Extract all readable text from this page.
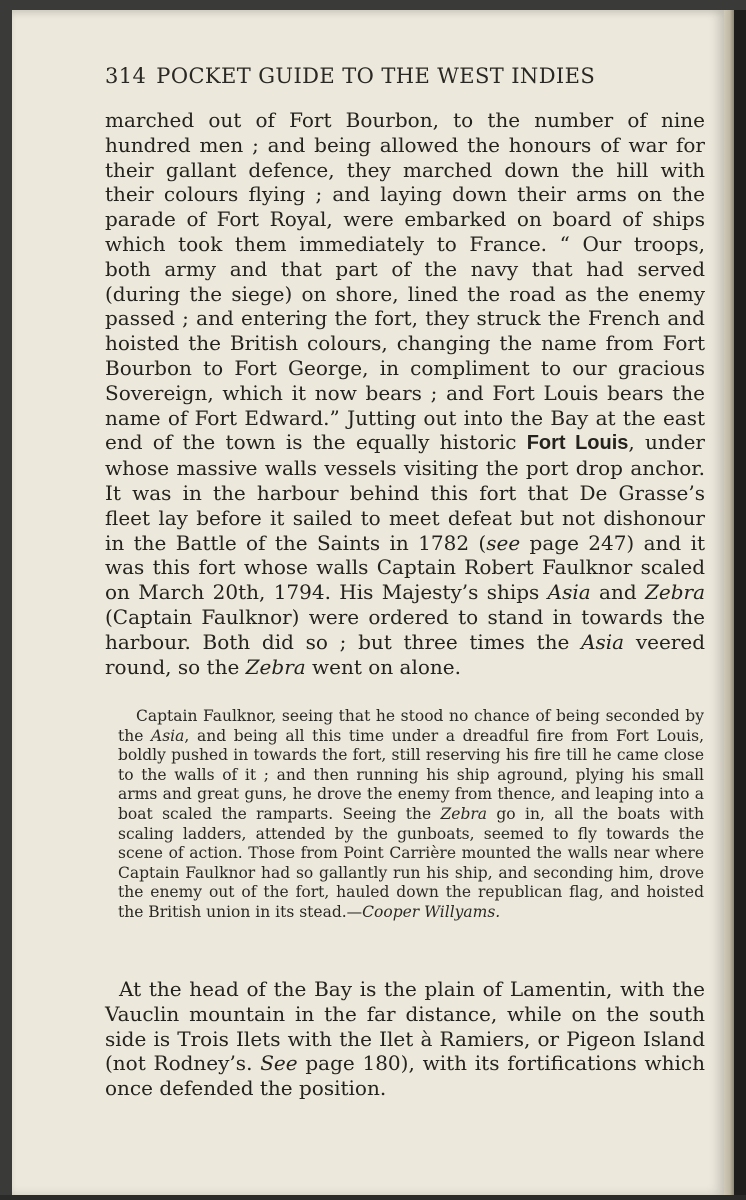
314 POCKET GUIDE TO THE WEST INDIES

marched out of Fort Bourbon, to the number of nine hundred men ; and being allowed the honours of war for their gallant defence, they marched down the hill with their colours flying ; and laying down their arms on the parade of Fort Royal, were embarked on board of ships which took them immediately to France. “ Our troops, both army and that part of the navy that had served (during the siege) on shore, lined the road as the enemy passed ; and entering the fort, they struck the French and hoisted the British colours, changing the name from Fort Bourbon to Fort George, in compliment to our gracious Sovereign, which it now bears ; and Fort Louis bears the name of Fort Edward.” Jutting out into the Bay at the east end of the town is the equally historic Fort Louis, under whose massive walls vessels visiting the port drop anchor. It was in the harbour behind this fort that De Grasse’s fleet lay before it sailed to meet defeat but not dishonour in the Battle of the Saints in 1782 (see page 247) and it was this fort whose walls Captain Robert Faulknor scaled on March 20th, 1794. His Majesty’s ships Asia and Zebra (Captain Faulknor) were ordered to stand in towards the harbour. Both did so ; but three times the Asia veered round, so the Zebra went on alone.

Captain Faulknor, seeing that he stood no chance of being seconded by the Asia, and being all this time under a dreadful fire from Fort Louis, boldly pushed in towards the fort, still reserving his fire till he came close to the walls of it ; and then running his ship aground, plying his small arms and great guns, he drove the enemy from thence, and leaping into a boat scaled the ramparts. Seeing the Zebra go in, all the boats with scaling ladders, attended by the gunboats, seemed to fly towards the scene of action. Those from Point Carrière mounted the walls near where Captain Faulknor had so gallantly run his ship, and seconding him, drove the enemy out of the fort, hauled down the republican flag, and hoisted the British union in its stead.—Cooper Willyams.

At the head of the Bay is the plain of Lamentin, with the Vauclin mountain in the far distance, while on the south side is Trois Ilets with the Ilet à Ramiers, or Pigeon Island (not Rodney’s. See page 180), with its fortifications which once defended the position.
